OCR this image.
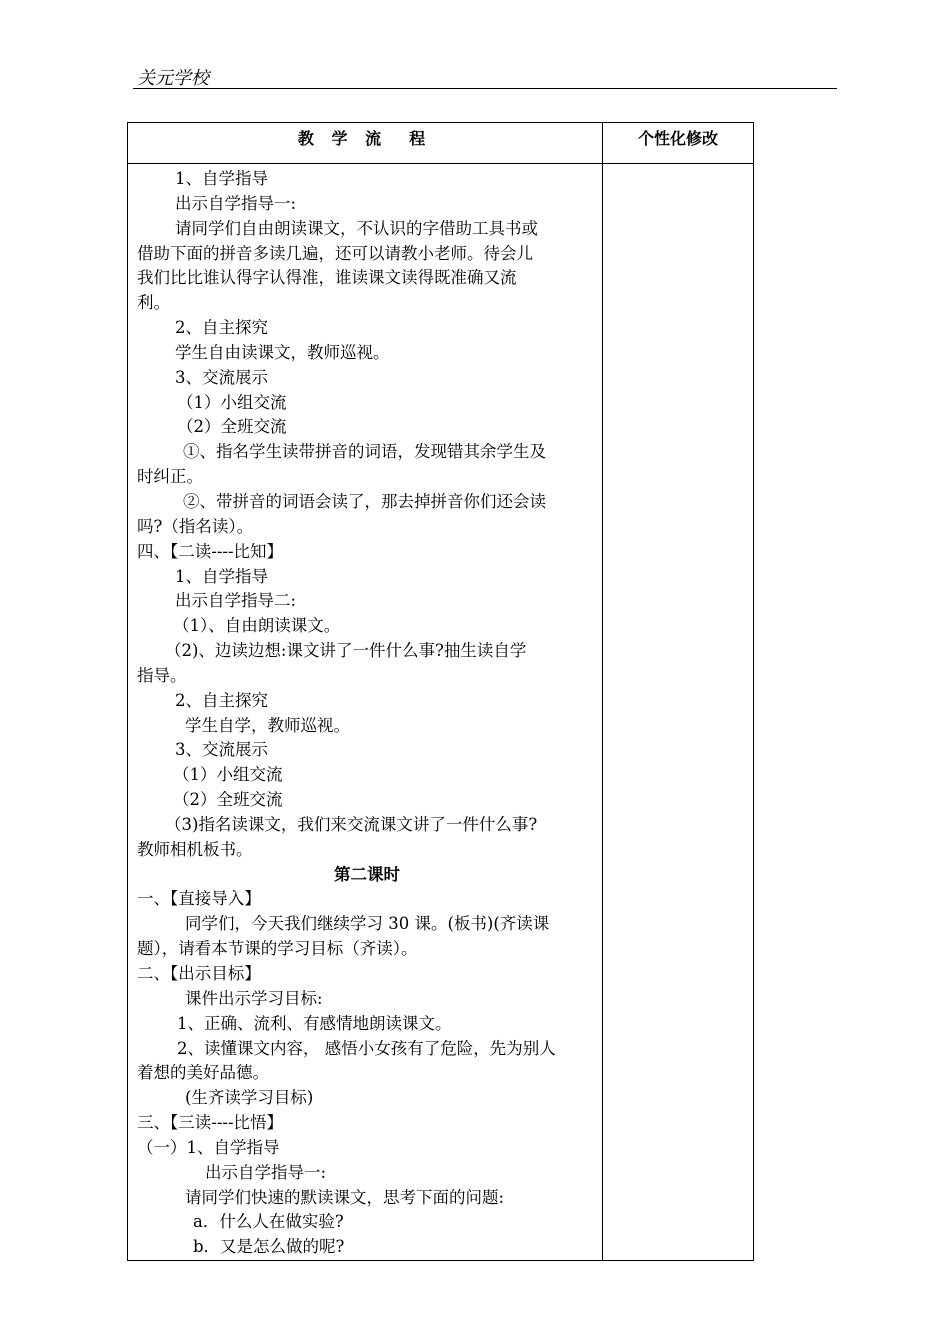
关元学校
教 学 流　程	个性化修改
1、自学指导
出示自学指导一:
请同学们自由朗读课文，不认识的字借助工具书或
借助下面的拼音多读几遍，还可以请教小老师。待会儿
我们比比谁认得字认得准，谁读课文读得既准确又流
利。
2、自主探究
学生自由读课文，教师巡视。
3、交流展示
（1）小组交流
（2）全班交流
①、指名学生读带拼音的词语，发现错其余学生及
时纠正。
②、带拼音的词语会读了，那去掉拼音你们还会读
吗?（指名读）。
四、【二读----比知】
1、自学指导
出示自学指导二:
（1）、自由朗读课文。
（2)、边读边想:课文讲了一件什么事?抽生读自学
指导。
2、自主探究
学生自学，教师巡视。
3、交流展示
（1）小组交流
（2）全班交流
（3)指名读课文，我们来交流课文讲了一件什么事?
教师相机板书。
第二课时
一、【直接导入】
同学们，今天我们继续学习 30 课。(板书)(齐读课
题），请看本节课的学习目标（齐读）。
二、【出示目标】
课件出示学习目标:
1、正确、流利、有感情地朗读课文。
2、读懂课文内容， 感悟小女孩有了危险，先为别人
着想的美好品德。
(生齐读学习目标)
三、【三读----比悟】
（一）1、自学指导
出示自学指导一:
请同学们快速的默读课文，思考下面的问题:
a．什么人在做实验?
b．又是怎么做的呢?
